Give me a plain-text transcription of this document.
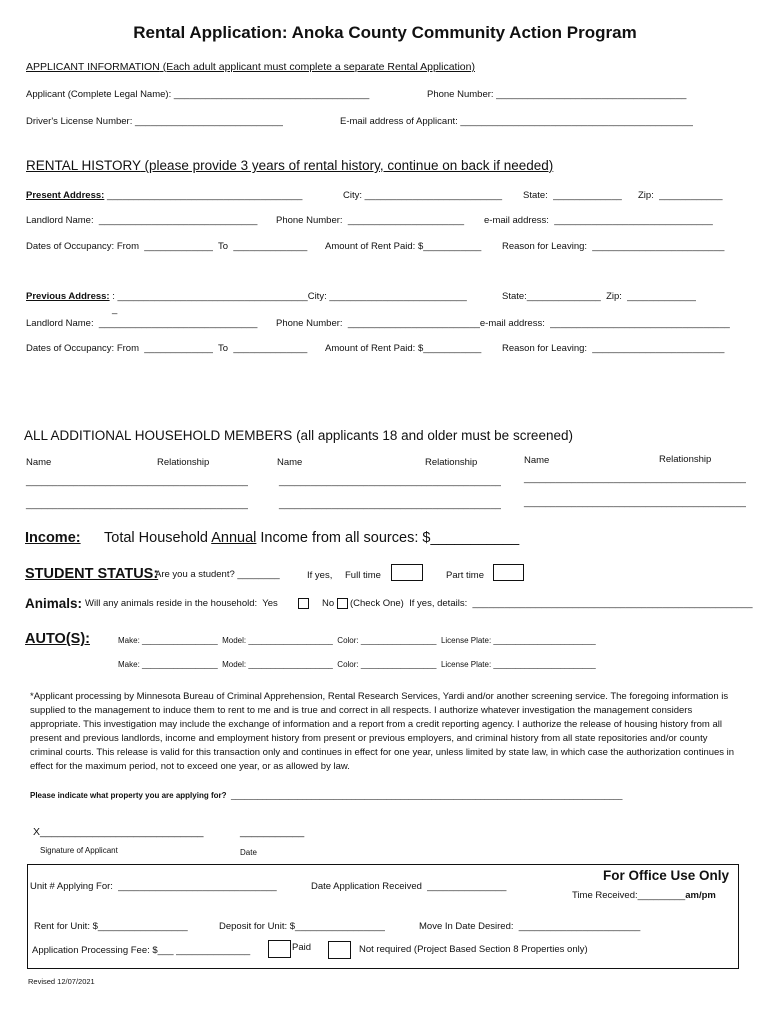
Rental Application: Anoka County Community Action Program
APPLICANT INFORMATION (Each adult applicant must complete a separate Rental Application)
Applicant (Complete Legal Name): _____________________________________	Phone Number: ____________________________________
Driver's License Number: ____________________________	E-mail address of Applicant: ____________________________________________
RENTAL HISTORY (please provide 3 years of rental history, continue on back if needed)
Present Address: _____________________________________	City: __________________________ State:  _____________ Zip:  ____________
Landlord Name:  ______________________________ Phone Number:  ______________________ e-mail address:  ______________________________
Dates of Occupancy: From  _____________  To  ______________ Amount of Rent Paid: $___________ Reason for Leaving:  _________________________
Previous Address: : ____________________________________City: __________________________	State:______________  Zip:  _____________
_
Landlord Name:  ______________________________ Phone Number:  _________________________e-mail address:  __________________________________
Dates of Occupancy: From  _____________  To  ______________ Amount of Rent Paid: $___________ Reason for Leaving:  _________________________
ALL ADDITIONAL HOUSEHOLD MEMBERS (all applicants 18 and older must be screened)
Name	Relationship	Name	Relationship	Name	Relationship
__________________________________________	__________________________________________ __________________________________________
__________________________________________	__________________________________________ __________________________________________
Income: Total Household Annual Income from all sources: $___________
STUDENT STATUS:
Are you a student? ________	If yes, Full time	Part time
Animals: Will any animals reside in the household:  Yes	No (Check One)  If yes, details:  _____________________________________________________
AUTO(S):	Make: _________________  Model: ___________________  Color: _________________  License Plate: _______________________
Make: _________________  Model: ___________________  Color: _________________  License Plate: _______________________
*Applicant processing by Minnesota Bureau of Criminal Apprehension, Rental Research Services, Yardi and/or another screening service. The foregoing information is supplied to the management to induce them to rent to me and is true and correct in all respects. I authorize whatever investigation the management considers appropriate. This investigation may include the exchange of information and a report from a credit reporting agency. I authorize the release of housing history from all present and previous landlords, income and employment history from present or previous employers, and criminal history from all state repositories and/or county criminal courts. This release is valid for this transaction only and continues in effect for one year, unless limited by state law, in which case the authorization continues in effect for the maximum period, not to exceed one year, or as allowed by law.
Please indicate what property you are applying for?  ________________________________________________________________________________________
X____________________________	___________
Signature of Applicant	Date
For Office Use Only
Unit # Applying For:  ______________________________	Date Application Received  _______________
Time Received:_________am/pm
Rent for Unit: $_________________	Deposit for Unit: $_________________	Move In Date Desired:  _______________________
Application Processing Fee: $___ ______________	Paid	Not required (Project Based Section 8 Properties only)
Revised 12/07/2021
